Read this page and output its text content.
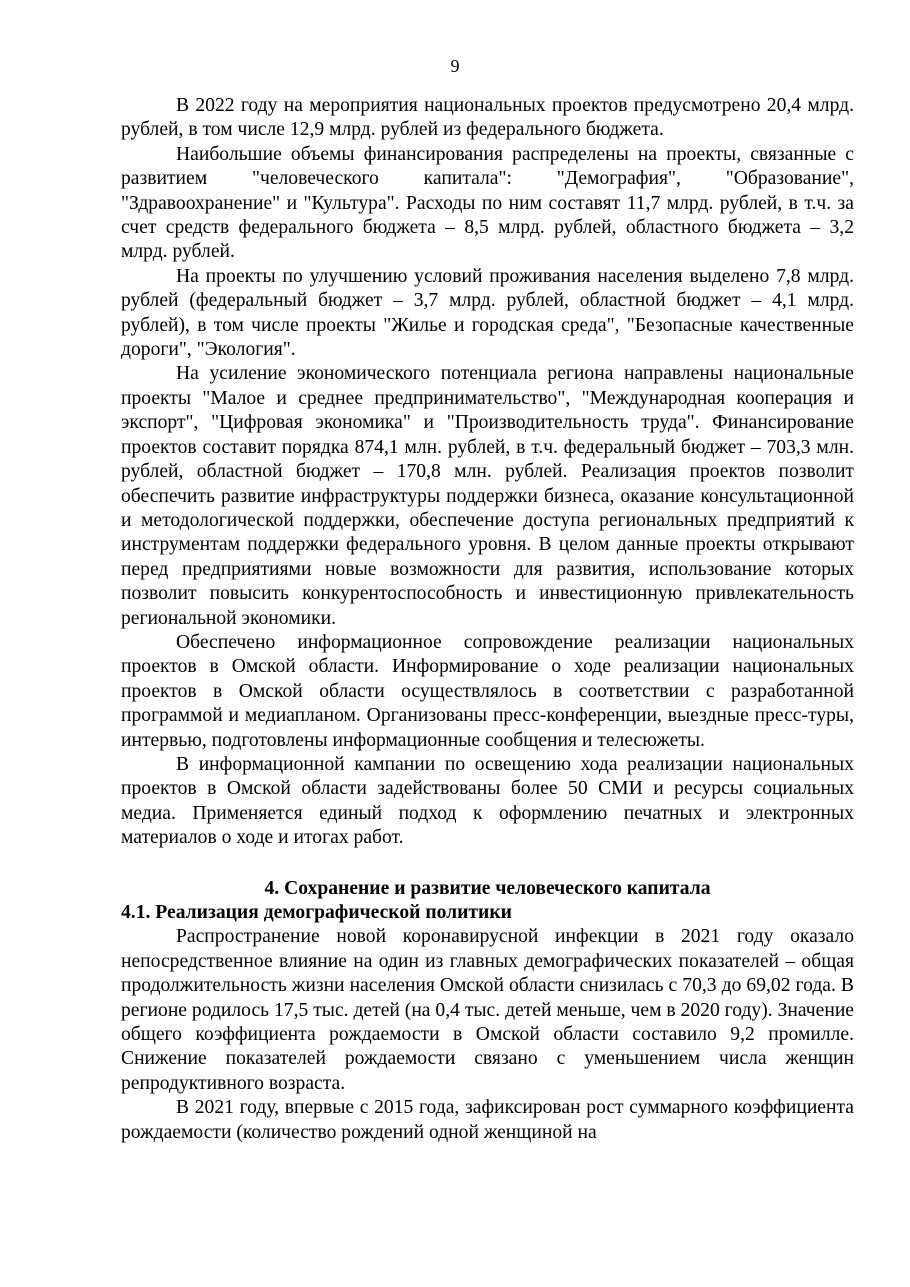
9

В 2022 году на мероприятия национальных проектов предусмотрено 20,4 млрд. рублей, в том числе 12,9 млрд. рублей из федерального бюджета.

Наибольшие объемы финансирования распределены на проекты, связанные с развитием "человеческого капитала": "Демография", "Образование", "Здравоохранение" и "Культура". Расходы по ним составят 11,7 млрд. рублей, в т.ч. за счет средств федерального бюджета – 8,5 млрд. рублей, областного бюджета – 3,2 млрд. рублей.

На проекты по улучшению условий проживания населения выделено 7,8 млрд. рублей (федеральный бюджет – 3,7 млрд. рублей, областной бюджет – 4,1 млрд. рублей), в том числе проекты "Жилье и городская среда", "Безопасные качественные дороги", "Экология".

На усиление экономического потенциала региона направлены национальные проекты "Малое и среднее предпринимательство", "Международная кооперация и экспорт", "Цифровая экономика" и "Производительность труда". Финансирование проектов составит порядка 874,1 млн. рублей, в т.ч. федеральный бюджет – 703,3 млн. рублей, областной бюджет – 170,8 млн. рублей. Реализация проектов позволит обеспечить развитие инфраструктуры поддержки бизнеса, оказание консультационной и методологической поддержки, обеспечение доступа региональных предприятий к инструментам поддержки федерального уровня. В целом данные проекты открывают перед предприятиями новые возможности для развития, использование которых позволит повысить конкурентоспособность и инвестиционную привлекательность региональной экономики.

Обеспечено информационное сопровождение реализации национальных проектов в Омской области. Информирование о ходе реализации национальных проектов в Омской области осуществлялось в соответствии с разработанной программой и медиапланом. Организованы пресс-конференции, выездные пресс-туры, интервью, подготовлены информационные сообщения и телесюжеты.

В информационной кампании по освещению хода реализации национальных проектов в Омской области задействованы более 50 СМИ и ресурсы социальных медиа. Применяется единый подход к оформлению печатных и электронных материалов о ходе и итогах работ.

4. Сохранение и развитие человеческого капитала

4.1. Реализация демографической политики

Распространение новой коронавирусной инфекции в 2021 году оказало непосредственное влияние на один из главных демографических показателей – общая продолжительность жизни населения Омской области снизилась с 70,3 до 69,02 года. В регионе родилось 17,5 тыс. детей (на 0,4 тыс. детей меньше, чем в 2020 году). Значение общего коэффициента рождаемости в Омской области составило 9,2 промилле. Снижение показателей рождаемости связано с уменьшением числа женщин репродуктивного возраста.

В 2021 году, впервые с 2015 года, зафиксирован рост суммарного коэффициента рождаемости (количество рождений одной женщиной на
